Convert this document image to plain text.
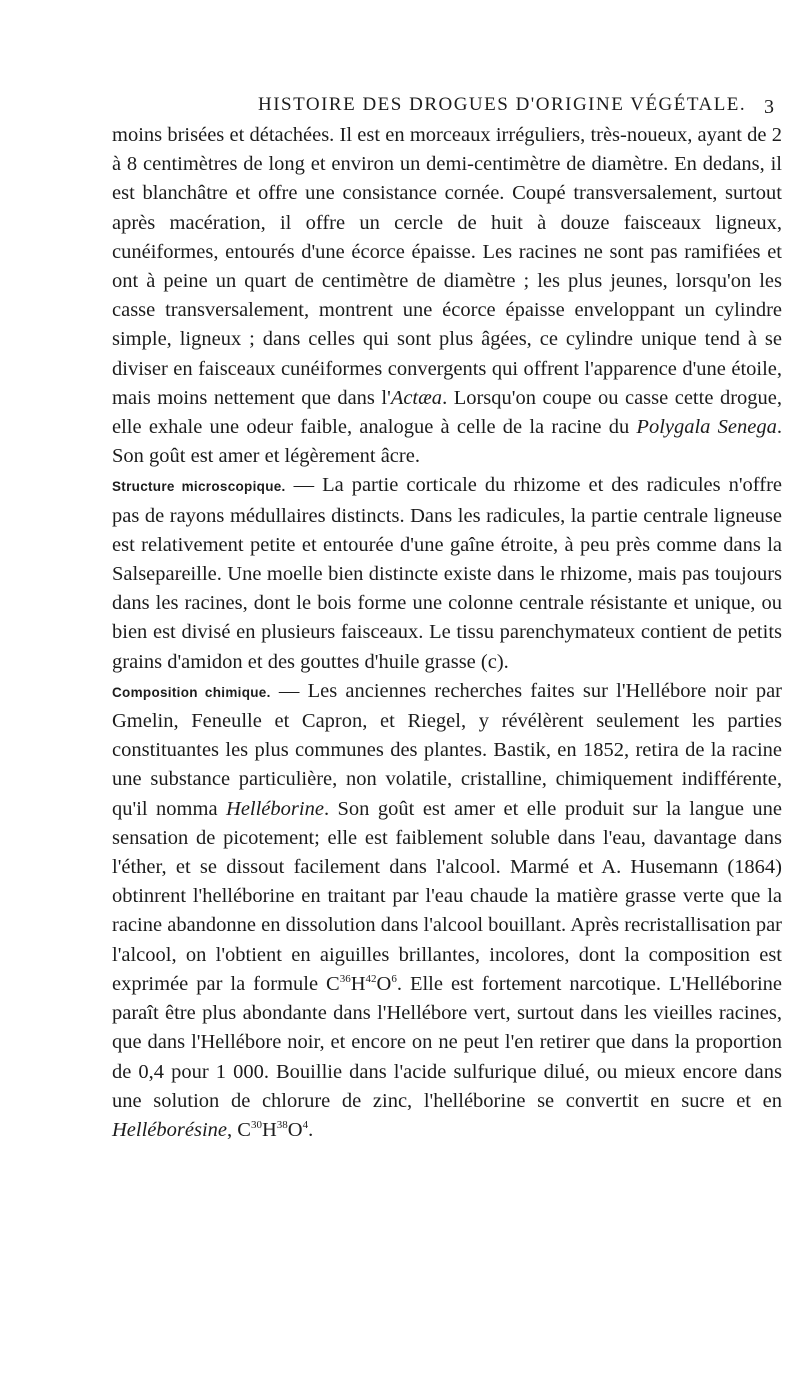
HISTOIRE DES DROGUES D'ORIGINE VÉGÉTALE. 3

moins brisées et détachées. Il est en morceaux irréguliers, très-noueux, ayant de 2 à 8 centimètres de long et environ un demi-centimètre de diamètre. En dedans, il est blanchâtre et offre une consistance cornée. Coupé transversalement, surtout après macération, il offre un cercle de huit à douze faisceaux ligneux, cunéiformes, entourés d'une écorce épaisse. Les racines ne sont pas ramifiées et ont à peine un quart de centimètre de diamètre ; les plus jeunes, lorsqu'on les casse transversalement, montrent une écorce épaisse enveloppant un cylindre simple, ligneux ; dans celles qui sont plus âgées, ce cylindre unique tend à se diviser en faisceaux cunéiformes convergents qui offrent l'apparence d'une étoile, mais moins nettement que dans l'Actæa. Lorsqu'on coupe ou casse cette drogue, elle exhale une odeur faible, analogue à celle de la racine du Polygala Senega. Son goût est amer et légèrement âcre.

Structure microscopique. — La partie corticale du rhizome et des radicules n'offre pas de rayons médullaires distincts. Dans les radicules, la partie centrale ligneuse est relativement petite et entourée d'une gaîne étroite, à peu près comme dans la Salsepareille. Une moelle bien distincte existe dans le rhizome, mais pas toujours dans les racines, dont le bois forme une colonne centrale résistante et unique, ou bien est divisé en plusieurs faisceaux. Le tissu parenchymateux contient de petits grains d'amidon et des gouttes d'huile grasse (c).

Composition chimique. — Les anciennes recherches faites sur l'Hellébore noir par Gmelin, Feneulle et Capron, et Riegel, y révélèrent seulement les parties constituantes les plus communes des plantes. Bastik, en 1852, retira de la racine une substance particulière, non volatile, cristalline, chimiquement indifférente, qu'il nomma Helléborine. Son goût est amer et elle produit sur la langue une sensation de picotement; elle est faiblement soluble dans l'eau, davantage dans l'éther, et se dissout facilement dans l'alcool. Marmé et A. Husemann (1864) obtinrent l'helléborine en traitant par l'eau chaude la matière grasse verte que la racine abandonne en dissolution dans l'alcool bouillant. Après recristallisation par l'alcool, on l'obtient en aiguilles brillantes, incolores, dont la composition est exprimée par la formule $C^{36}H^{42}O^6$. Elle est fortement narcotique. L'Helléborine paraît être plus abondante dans l'Hellébore vert, surtout dans les vieilles racines, que dans l'Hellébore noir, et encore on ne peut l'en retirer que dans la proportion de 0,4 pour 1 000. Bouillie dans l'acide sulfurique dilué, ou mieux encore dans une solution de chlorure de zinc, l'helléborine se convertit en sucre et en Helléborésine, $C^{30}H^{38}O^4$.
